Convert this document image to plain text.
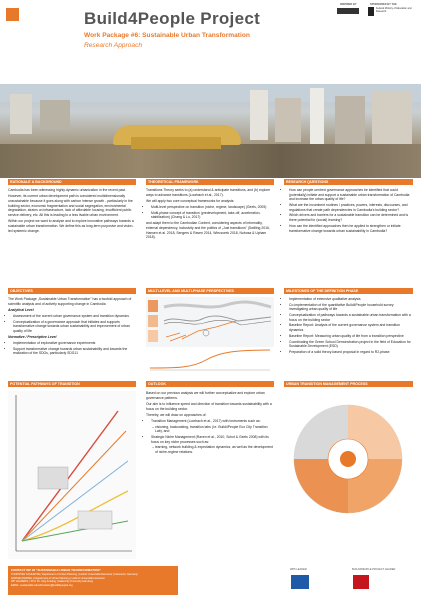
Build4People Project
Work Package #6: Sustainable Urban Transformation
Research Approach
INSPIRED BY	SPONSORED BY THE
Federal Ministry of Education and Research
RATIONALE & BACKGROUND

Cambodia has been witnessing highly-dynamic urbanization in the recent past.

However, its current urban development path is considered multidimensionally unsustainable because it goes along with carbon intense growth - particularly in the building sector, economic fragmentation and social segregation, environmental degradation, strains on infrastructure, lack of affordable housing, insufficient public service delivery, etc. All this is leading to a less livable urban environment.

Within our project we want to analyse and to explore innovative pathways towards a sustainable urban transformation. We define this as long-term purposive and vision-led systemic change.

THEORETICAL FRAMEWORK

Transitions Theory seeks to (a) understand & anticipate transitions, and (b) explore ways to advance transitions (Loorbach et al., 2017).

We will apply two core conceptual frameworks for analysis:

• Multi-level perspective on transition (niche, regime, landscape) (Geels, 2005)
• Multi-phase concept of transition (predevelopment, take-off, acceleration, stabilization) (Chang & Lu, 2017)

and adapt them to the Cambodian Context, considering aspects of informality, external dependency, inclusivity and the politics of „Just transitions" (Swilling 2016, Hansen et al. 2018, Sengers & Raven 2014, Wieczorek 2018, Nobosa & Upham 2018).

RESEARCH QUESTIONS
• How can people-centred governance approaches be identified that could (potentially) initiate and support a sustainable urban transformation of Cambodia and increase the urban quality of life?
• What are the incumbent routines / practices, powers, interests, discourses, and regulations that create path dependencies in Cambodia's building sector?
• Which drivers and barriers for a sustainable transition can be determined and is there potential for (social) learning?
• How can the identified approaches then be applied to strengthen or initiate transformative change towards urban sustainability in Cambodia?
OBJECTIVES

The Work Package „Sustainable Urban Transformation" has a twofold approach of scientific analysis and of actively supporting change in Cambodia

Analytical Level

• Assessment of the current urban governance system and transition dynamics
• Conceptualization of a governance approach that initiates and supports transformative change towards urban sustainability and improvement of urban quality of life

Normative / Prescriptive Level

• Implementation of explorative governance experiments
• Support transformative change towards urban sustainability and towards the realization of the SDGs, particularly SDG11
MULTI-LEVEL AND MULTI-PHASE PERSPECTIVES	MILESTONES OF THE DEFINITION PHASE
• Implementation of extensive qualitative analysis
• Co-implementation of the quantitative Build4People household survey investigating urban quality of life
• Conceptualization of pathways towards a sustainable urban transformation with a focus on the building sector
• Baseline Report: Analysis of the current governance system and transition dynamics
• Baseline Report: Measuring urban quality of life from a transition perspective
• Coordinating the Green School Demonstration project in the field of Education for Sustainable Development (ESD)
• Preparation of a solid theory-based proposal in regard to R2-phase
POTENTIAL PATHWAYS OF TRANSITION	OUTLOOK

Based on our previous analysis we will further conceptualize and explore urban governance patterns.

Our aim is to influence speed and direction of transition towards sustainability with a focus on the building sector.

Thereby, we will draw on approaches of:

• Transition Management (Loorbach et al., 2017) with instruments such as:
– visioning, backcasting, transition labs (i.e. Build4People Eco City Transition Lab), and
• Strategic Niche Management (Raven et al., 2010, Schot & Geels 2008) with its focus on key niche processes such as:
– learning, network building & expectation dynamics, as well as the development of niche-regime relations.
URBAN TRANSITION MANAGEMENT PROCESS
CONTACT WP #6 "SUSTAINABLE URBAN TRANSFORMATION"
THORSTEN SCHUETZE | Department of Urban Planning | Leibniz Universität Hannover | Hannover, Germany
SOPHIE KNIPPEL | Department of Urban Planning | Leibniz Universität Hannover
WP LEADERS: | Prof. Dr. Jörg Knieling | HafenCity University Hamburg
EMAIL: sustainable-transformation@build4people.org
WP6 LEADER	BUILD4PEOPLE PROJECT LEADER
